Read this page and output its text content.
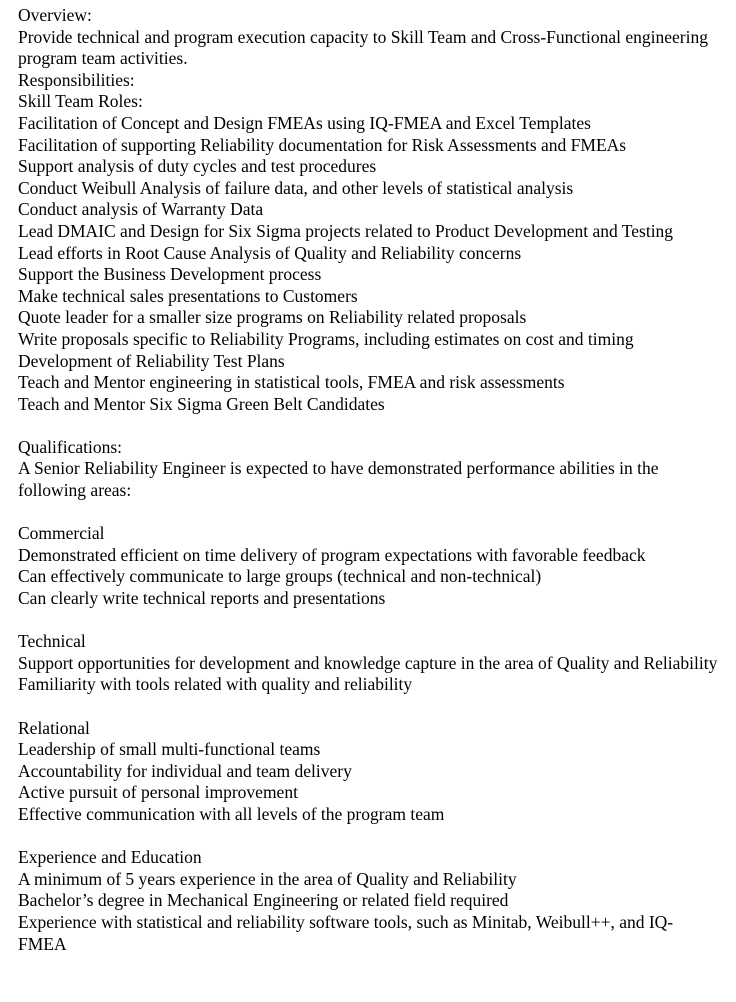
Overview:

Provide technical and program execution capacity to Skill Team and Cross-Functional engineering program team activities.

Responsibilities:

Skill Team Roles:

Facilitation of Concept and Design FMEAs using IQ-FMEA and Excel Templates

Facilitation of supporting Reliability documentation for Risk Assessments and FMEAs

Support analysis of duty cycles and test procedures

Conduct Weibull Analysis of failure data, and other levels of statistical analysis

Conduct analysis of Warranty Data

Lead DMAIC and Design for Six Sigma projects related to Product Development and Testing

Lead efforts in Root Cause Analysis of Quality and Reliability concerns

Support the Business Development process

Make technical sales presentations to Customers

Quote leader for a smaller size programs on Reliability related proposals

Write proposals specific to Reliability Programs, including estimates on cost and timing

Development of Reliability Test Plans

Teach and Mentor engineering in statistical tools, FMEA and risk assessments

Teach and Mentor Six Sigma Green Belt Candidates

Qualifications:

A Senior Reliability Engineer is expected to have demonstrated performance abilities in the following areas:

Commercial

Demonstrated efficient on time delivery of program expectations with favorable feedback

Can effectively communicate to large groups (technical and non-technical)

Can clearly write technical reports and presentations

Technical

Support opportunities for development and knowledge capture in the area of Quality and Reliability

Familiarity with tools related with quality and reliability

Relational

Leadership of small multi-functional teams

Accountability for individual and team delivery

Active pursuit of personal improvement

Effective communication with all levels of the program team

Experience and Education

A minimum of 5 years experience in the area of Quality and Reliability

Bachelor’s degree in Mechanical Engineering or related field required

Experience with statistical and reliability software tools, such as Minitab, Weibull++, and IQ-FMEA
